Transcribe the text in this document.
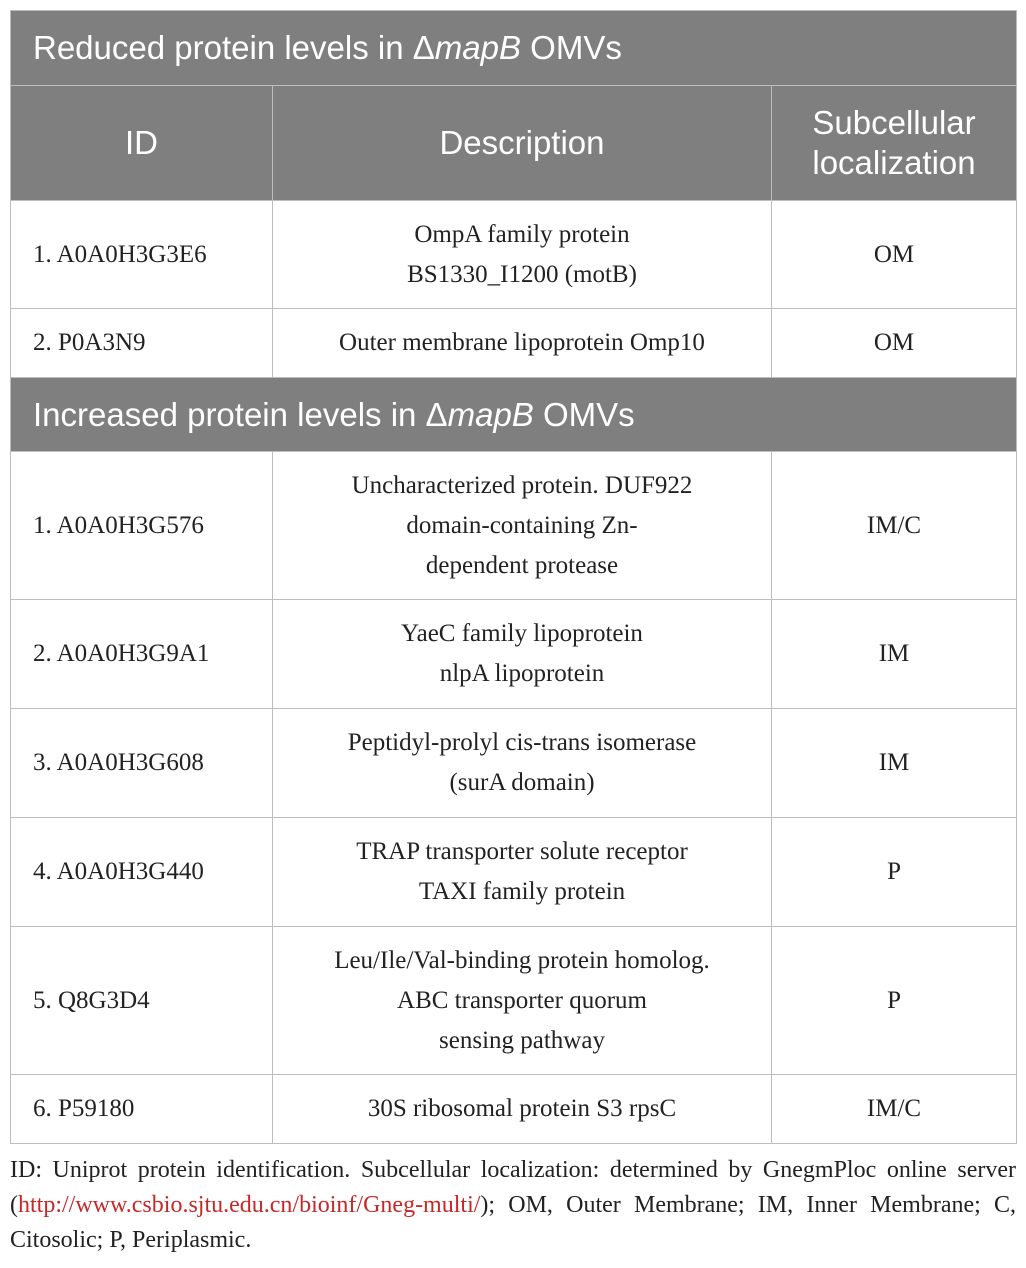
Reduced protein levels in ΔmapB OMVs		
ID	Description	Subcellular
localization

1. A0A0H3G3E6	OmpA family protein
BS1330_I1200 (motB)	OM
2. P0A3N9	Outer membrane lipoprotein Omp10	OM
Increased protein levels in ΔmapB OMVs		
1. A0A0H3G576	Uncharacterized protein. DUF922
domain-containing Zn-
dependent protease	IM/C
2. A0A0H3G9A1	YaeC family lipoprotein
nlpA lipoprotein	IM
3. A0A0H3G608	Peptidyl-prolyl cis-trans isomerase
(surA domain)	IM
4. A0A0H3G440	TRAP transporter solute receptor
TAXI family protein	P
5. Q8G3D4	Leu/Ile/Val-binding protein homolog.
ABC transporter quorum
sensing pathway	P
6. P59180	30S ribosomal protein S3 rpsC	IM/C
ID: Uniprot protein identification. Subcellular localization: determined by GnegmPloc online server (http://www.csbio.sjtu.edu.cn/bioinf/Gneg-multi/); OM, Outer Membrane; IM, Inner Membrane; C, Citosolic; P, Periplasmic.
